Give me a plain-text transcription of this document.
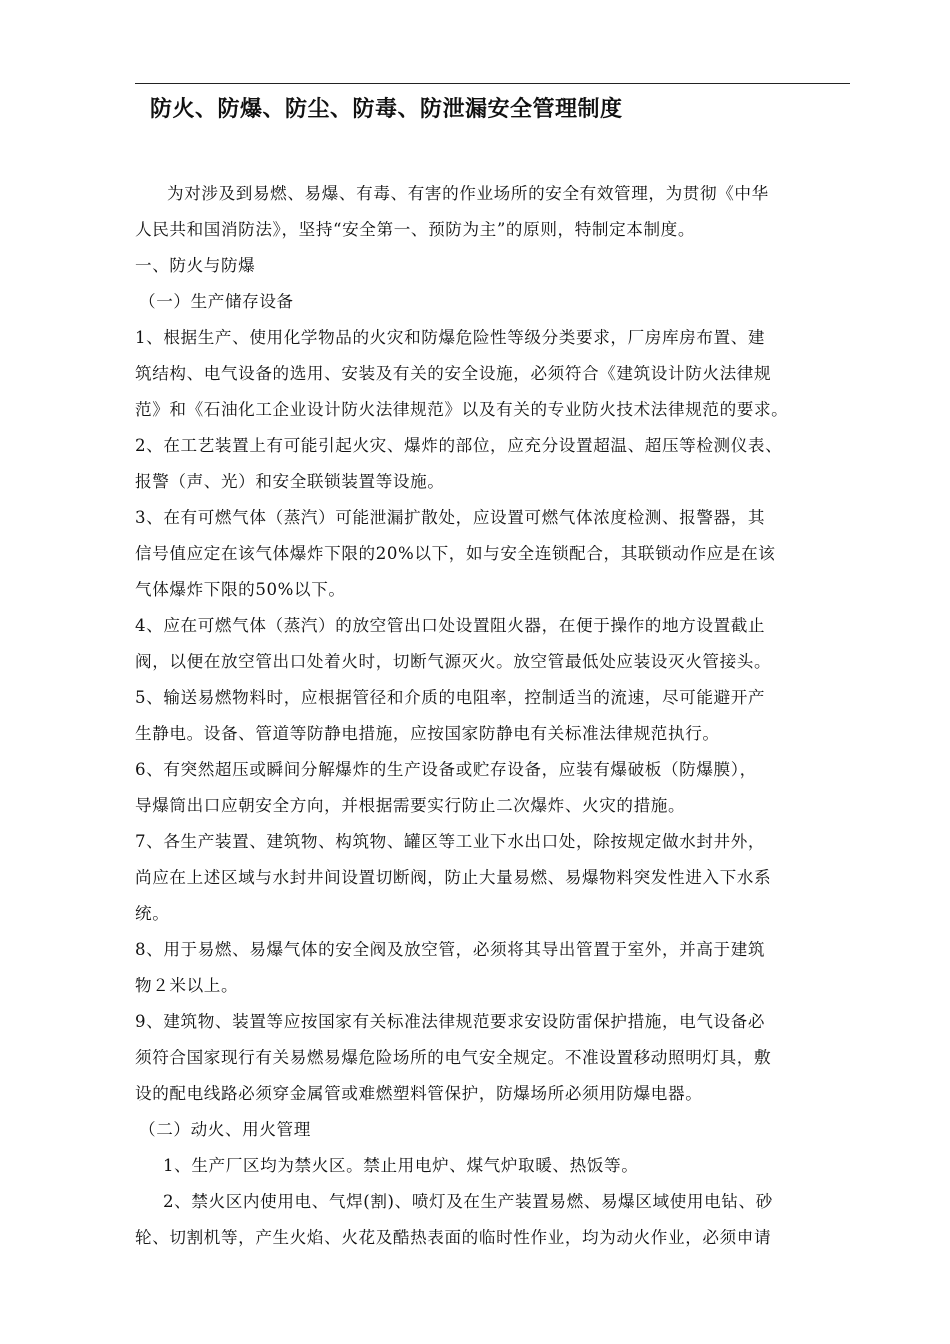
防火、防爆、防尘、防毒、防泄漏安全管理制度

为对涉及到易燃、易爆、有毒、有害的作业场所的安全有效管理，为贯彻《中华

人民共和国消防法》，坚持“安全第一、预防为主”的原则，特制定本制度。

一、防火与防爆

（一）生产储存设备

1、根据生产、使用化学物品的火灾和防爆危险性等级分类要求，厂房库房布置、建

筑结构、电气设备的选用、安装及有关的安全设施，必须符合《建筑设计防火法律规

范》和《石油化工企业设计防火法律规范》以及有关的专业防火技术法律规范的要求。

2、在工艺装置上有可能引起火灾、爆炸的部位，应充分设置超温、超压等检测仪表、

报警（声、光）和安全联锁装置等设施。

3、在有可燃气体（蒸汽）可能泄漏扩散处，应设置可燃气体浓度检测、报警器，其

信号值应定在该气体爆炸下限的20%以下，如与安全连锁配合，其联锁动作应是在该

气体爆炸下限的50%以下。

4、应在可燃气体（蒸汽）的放空管出口处设置阻火器，在便于操作的地方设置截止

阀，以便在放空管出口处着火时，切断气源灭火。放空管最低处应装设灭火管接头。

5、输送易燃物料时，应根据管径和介质的电阻率，控制适当的流速，尽可能避开产

生静电。设备、管道等防静电措施，应按国家防静电有关标准法律规范执行。

6、有突然超压或瞬间分解爆炸的生产设备或贮存设备，应装有爆破板（防爆膜），

导爆筒出口应朝安全方向，并根据需要实行防止二次爆炸、火灾的措施。

7、各生产装置、建筑物、构筑物、罐区等工业下水出口处，除按规定做水封井外，

尚应在上述区域与水封井间设置切断阀，防止大量易燃、易爆物料突发性进入下水系

统。

8、用于易燃、易爆气体的安全阀及放空管，必须将其导出管置于室外，并高于建筑

物２米以上。

9、建筑物、装置等应按国家有关标准法律规范要求安设防雷保护措施，电气设备必

须符合国家现行有关易燃易爆危险场所的电气安全规定。不准设置移动照明灯具，敷

设的配电线路必须穿金属管或难燃塑料管保护，防爆场所必须用防爆电器。

（二）动火、用火管理

1、生产厂区均为禁火区。禁止用电炉、煤气炉取暖、热饭等。

2、禁火区内使用电、气焊(割)、喷灯及在生产装置易燃、易爆区域使用电钻、砂

轮、切割机等，产生火焰、火花及酷热表面的临时性作业，均为动火作业，必须申请
